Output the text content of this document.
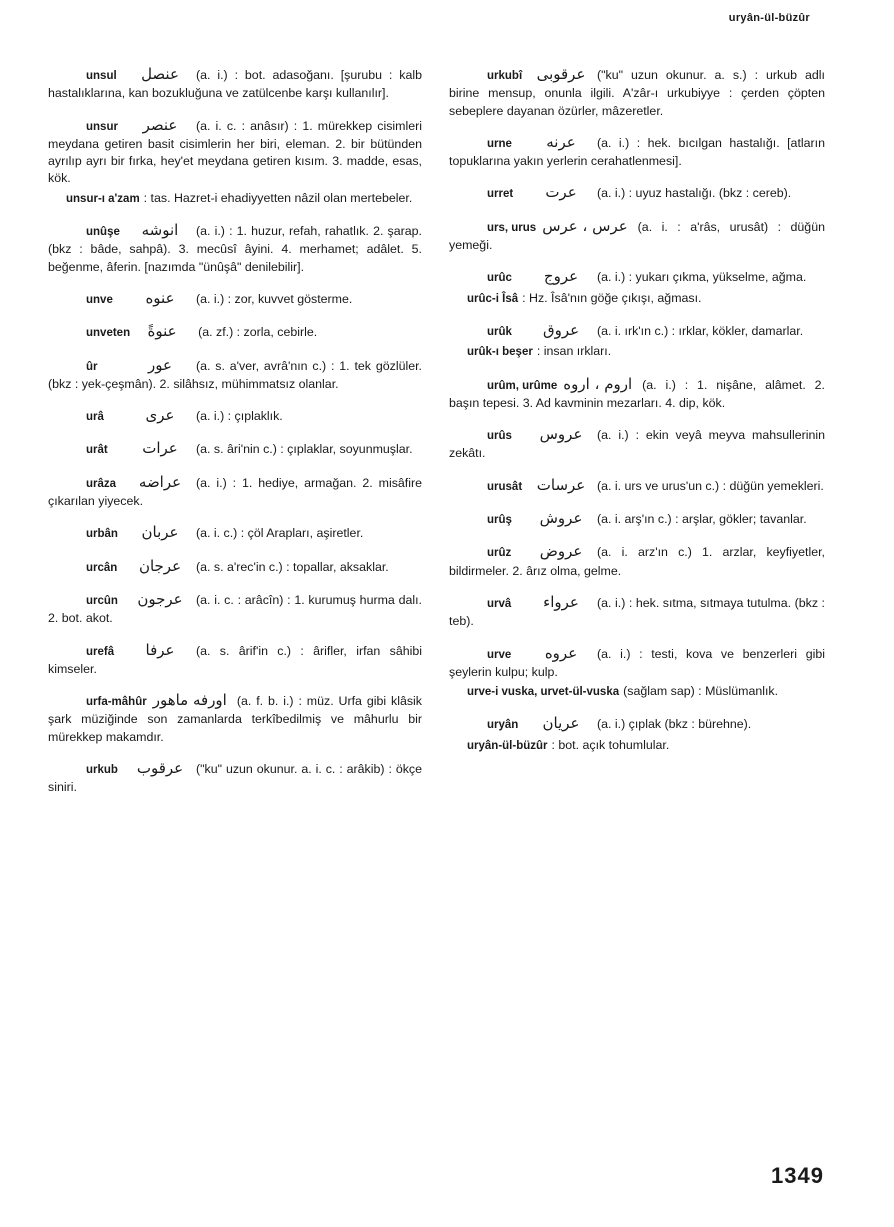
uryân-ül-büzûr
unsul عنصل (a. i.) : bot. adasoğanı. [şurubu : kalb hastalıklarına, kan bozukluğuna ve zatülcenbe karşı kullanılır].
unsur عنصر (a. i. c. : anâsır) : 1. mürekkep cisimleri meydana getiren basit cisimlerin her biri, eleman. 2. bir bütünden ayrılıp ayrı bir fırka, hey'et meydana getiren kısım. 3. madde, esas, kök.
unsur-ı a'zam : tas. Hazret-i ehadiyyetten nâzil olan mertebeler.
unûşe انوشه (a. i.) : 1. huzur, refah, rahatlık. 2. şarap. (bkz : bâde, sahpâ). 3. mecûsî âyini. 4. merhamet; adâlet. 5. beğenme, âferin. [nazımda "ünûşâ" denilebilir].
unve عنوه (a. i.) : zor, kuvvet gösterme.
unveten عنوةً (a. zf.) : zorla, cebirle.
ûr	عور (a. s. a'ver, avrâ'nın c.) : 1. tek gözlüler. (bkz : yek-çeşmân). 2. silâhsız, mühimmatsız olanlar.
urâ	عرى (a. i.) : çıplaklık.
urât عرات (a. s. âri'nin c.) : çıplaklar, soyunmuşlar.
urâza عراضه (a. i.) : 1. hediye, armağan. 2. misâfire çıkarılan yiyecek.
urbân عربان (a. i. c.) : çöl Arapları, aşiretler.
urcân عرجان (a. s. a'rec'in c.) : topallar, aksaklar.
urcûn عرجون (a. i. c. : arâcîn) : 1. kurumuş hurma dalı. 2. bot. akot.
urefâ عرفا (a. s. ârif'in c.) : ârifler, irfan sâhibi kimseler.
urfa-mâhûr اورفه ماهور (a. f. b. i.) : müz. Urfa gibi klâsik şark müziğinde son zamanlarda terkîbedilmiş ve mâhurlu bir mürekkep makamdır.
urkub عرقوب ("ku" uzun okunur. a. i. c. : arâkib) : ökçe siniri.
urkubî عرقوبى ("ku" uzun okunur. a. s.) : urkub adlı birine mensup, onunla ilgili. A'zâr-ı urkubiyye : çerden çöpten sebeplere dayanan özürler, mâzeretler.
urne عرنه (a. i.) : hek. bıcılgan hastalığı. [atların topuklarına yakın yerlerin cerahatlenmesi].
urret عرت (a. i.) : uyuz hastalığı. (bkz : cereb).
urs, urus عرس ، عرس (a. i. : a'râs, urusât) : düğün yemeği.
urûc عروج (a. i.) : yukarı çıkma, yükselme, ağma.
urûc-i Îsâ : Hz. Îsâ'nın göğe çıkışı, ağması.
urûk عروق (a. i. ırk'ın c.) : ırklar, kökler, damarlar.
urûk-ı beşer : insan ırkları.
urûm, urûme اروم ، اروه (a. i.) : 1. nişâne, alâmet. 2. başın tepesi. 3. Ad kavminin mezarları. 4. dip, kök.
urûs عروس (a. i.) : ekin veyâ meyva mahsullerinin zekâtı.
urusât عرسات (a. i. urs ve urus'un c.) : düğün yemekleri.
urûş عروش (a. i. arş'ın c.) : arşlar, gökler; tavanlar.
urûz عروض (a. i. arz'ın c.) 1. arzlar, keyfiyetler, bildirmeler. 2. ârız olma, gelme.
urvâ عرواء (a. i.) : hek. sıtma, sıtmaya tutulma. (bkz : teb).
urve عروه (a. i.) : testi, kova ve benzerleri gibi şeylerin kulpu; kulp.
urve-i vuska, urvet-ül-vuska (sağlam sap) : Müslümanlık.
uryân عريان (a. i.) çıplak (bkz : bürehne).
uryân-ül-büzûr : bot. açık tohumlular.
1349
